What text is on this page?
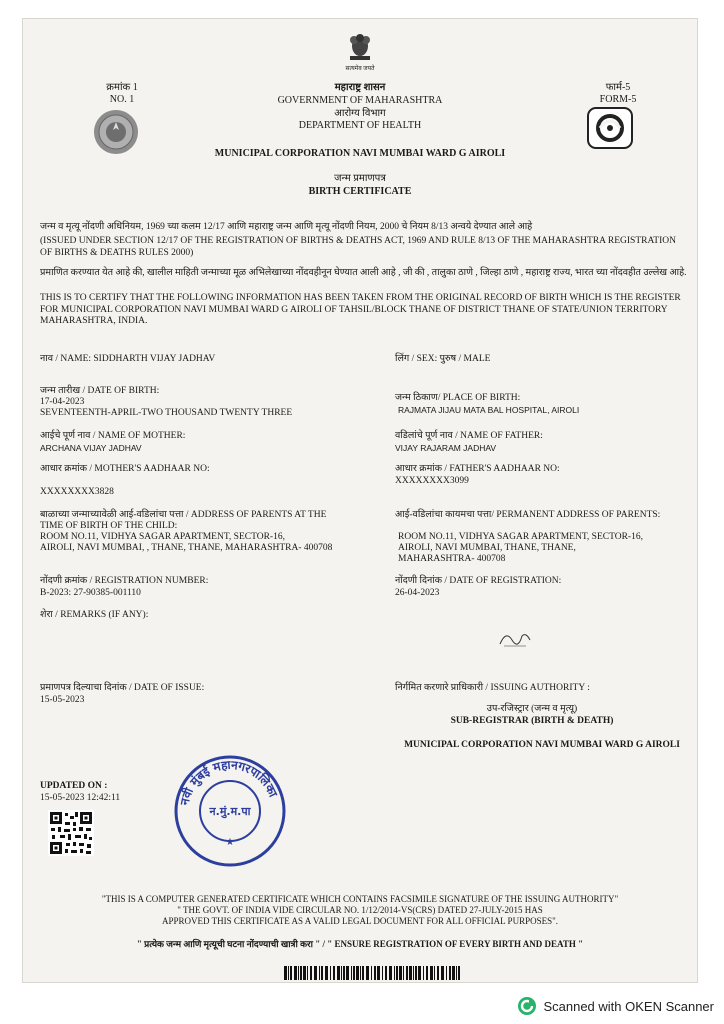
सत्यमेव जयते
क्रमांक 1
NO. 1
फार्म-5
FORM-5
महाराष्ट्र शासन
GOVERNMENT OF MAHARASHTRA
आरोग्य विभाग
DEPARTMENT OF HEALTH
MUNICIPAL CORPORATION NAVI MUMBAI WARD G AIROLI
जन्म प्रमाणपत्र
BIRTH CERTIFICATE
जन्म व मृत्यू नोंदणी अधिनियम, 1969 च्या कलम 12/17 आणि महाराष्ट्र जन्म आणि मृत्यू नोंदणी नियम, 2000 चे नियम 8/13 अन्वये देण्यात आले आहे
(ISSUED UNDER SECTION 12/17 OF THE REGISTRATION OF BIRTHS & DEATHS ACT, 1969 AND RULE 8/13 OF THE MAHARASHTRA REGISTRATION OF BIRTHS & DEATHS RULES 2000)
प्रमाणित करण्यात येत आहे की, खालील माहिती जन्माच्या मूळ अभिलेखाच्या नोंदवहीनून घेण्यात आली आहे , जी की , तालुका ठाणे , जिल्हा ठाणे , महाराष्ट्र राज्य, भारत च्या नोंदवहीत उल्लेख आहे.
THIS IS TO CERTIFY THAT THE FOLLOWING INFORMATION HAS BEEN TAKEN FROM THE ORIGINAL RECORD OF BIRTH WHICH IS THE REGISTER FOR MUNICIPAL CORPORATION NAVI MUMBAI WARD G AIROLI OF TAHSIL/BLOCK THANE OF DISTRICT THANE OF STATE/UNION TERRITORY MAHARASHTRA, INDIA.
नाव / NAME: SIDDHARTH VIJAY JADHAV	लिंग / SEX: पुरुष / MALE
जन्म तारीख / DATE OF BIRTH:
17-04-2023
SEVENTEENTH-APRIL-TWO THOUSAND TWENTY THREE
जन्म ठिकाण/ PLACE OF BIRTH:
RAJMATA JIJAU MATA BAL HOSPITAL, AIROLI
आईचे पूर्ण नाव / NAME OF MOTHER:
ARCHANA VIJAY JADHAV
वडिलांचे पूर्ण नाव / NAME OF FATHER:
VIJAY RAJARAM JADHAV
आधार क्रमांक / MOTHER'S AADHAAR NO:
XXXXXXXX3828
आधार क्रमांक / FATHER'S AADHAAR NO:
XXXXXXXX3099
बाळाच्या जन्माच्यावेळी आई-वडिलांचा पत्ता / ADDRESS OF PARENTS AT THE
TIME OF BIRTH OF THE CHILD:
ROOM NO.11, VIDHYA SAGAR APARTMENT, SECTOR-16,
AIROLI, NAVI MUMBAI, , THANE, THANE, MAHARASHTRA- 400708
आई-वडिलांचा कायमचा पत्ता/ PERMANENT ADDRESS OF PARENTS:
ROOM NO.11, VIDHYA SAGAR APARTMENT, SECTOR-16,
AIROLI, NAVI MUMBAI, THANE, THANE,
MAHARASHTRA- 400708
नोंदणी क्रमांक / REGISTRATION NUMBER:
B-2023: 27-90385-001110
नोंदणी दिनांक / DATE OF REGISTRATION:
26-04-2023
शेरा / REMARKS (IF ANY):
प्रमाणपत्र दिल्याचा दिनांक / DATE OF ISSUE:
15-05-2023
निर्गमित करणारे प्राधिकारी / ISSUING AUTHORITY :
उप-रजिस्ट्रार (जन्म व मृत्यू)
SUB-REGISTRAR (BIRTH & DEATH)
MUNICIPAL CORPORATION NAVI MUMBAI WARD G AIROLI
UPDATED ON :
15-05-2023 12:42:11	नवी मुंबई महानगरपालिका
न.मुं.म.पा
★
"THIS IS A COMPUTER GENERATED CERTIFICATE WHICH CONTAINS FACSIMILE SIGNATURE OF THE ISSUING AUTHORITY"
" THE GOVT. OF INDIA VIDE CIRCULAR NO. 1/12/2014-VS(CRS) DATED 27-JULY-2015 HAS
APPROVED THIS CERTIFICATE AS A VALID LEGAL DOCUMENT FOR ALL OFFICIAL PURPOSES".
" प्रत्येक जन्म आणि मृत्यूची घटना नोंदण्याची खात्री करा " / " ENSURE REGISTRATION OF EVERY BIRTH AND DEATH "
Scanned with OKEN Scanner
